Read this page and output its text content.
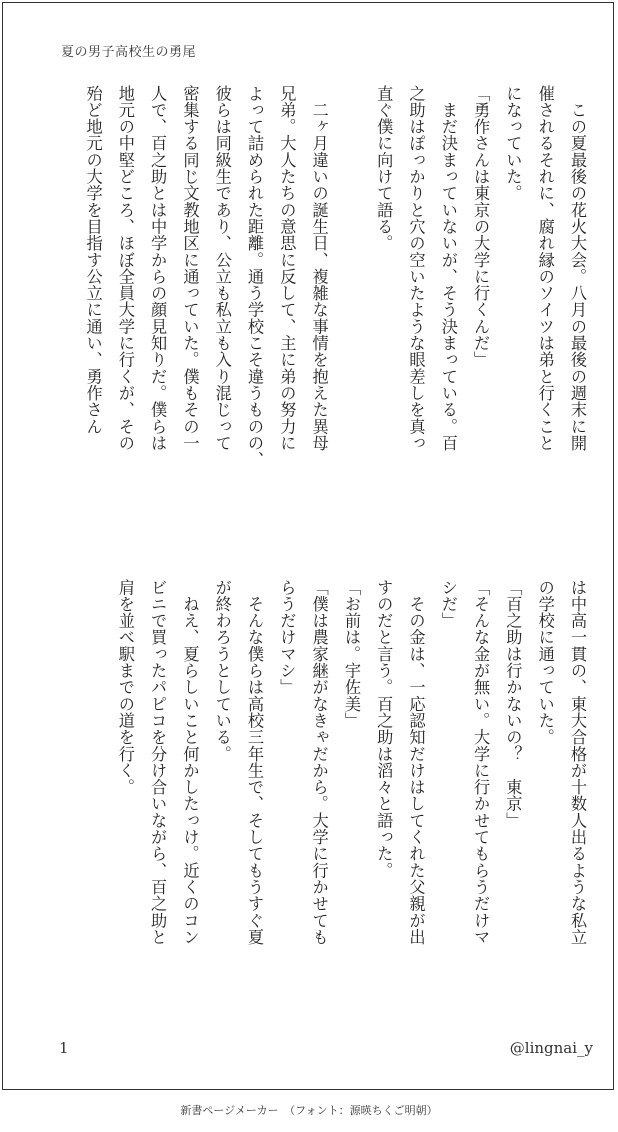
夏の男子高校生の勇尾

　この夏最後の花火大会。八月の最後の週末に開

催されるそれに、腐れ縁のソイツは弟と行くこと

になっていた。

「勇作さんは東京の大学に行くんだ」

　まだ決まっていないが、そう決まっている。百

之助はぽっかりと穴の空いたような眼差しを真っ

直ぐ僕に向けて語る。

　二ヶ月違いの誕生日、複雑な事情を抱えた異母

兄弟。大人たちの意思に反して、主に弟の努力に

よって詰められた距離。通う学校こそ違うものの、

彼らは同級生であり、公立も私立も入り混じって

密集する同じ文教地区に通っていた。僕もその一

人で、百之助とは中学からの顔見知りだ。僕らは

地元の中堅どころ、ほぼ全員大学に行くが、その

殆ど地元の大学を目指す公立に通い、勇作さん

は中高一貫の、東大合格が十数人出るような私立

の学校に通っていた。

「百之助は行かないの？　東京」

「そんな金が無い。大学に行かせてもらうだけマ

シだ」

　その金は、一応認知だけはしてくれた父親が出

すのだと言う。百之助は滔々と語った。

「お前は。宇佐美」

「僕は農家継がなきゃだから。大学に行かせても

らうだけマシ」

　そんな僕らは高校三年生で、そしてもうすぐ夏

が終わろうとしている。

　ねえ、夏らしいこと何かしたっけ。近くのコン

ビニで買ったパピコを分け合いながら、百之助と

肩を並べ駅までの道を行く。

1	@lingnai_y
新書ページメーカー　（フォント：源暎ちくご明朝）
